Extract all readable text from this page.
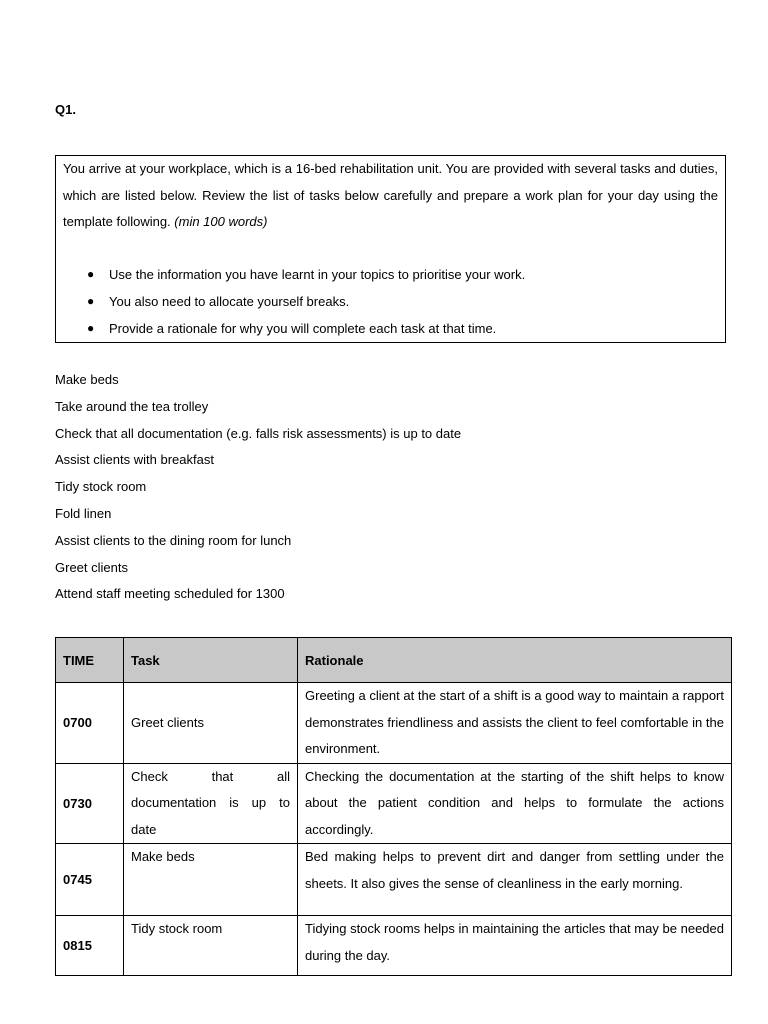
Q1.

You arrive at your workplace, which is a 16-bed rehabilitation unit. You are provided with several tasks and duties, which are listed below. Review the list of tasks below carefully and prepare a work plan for your day using the template following. (min 100 words)

● Use the information you have learnt in your topics to prioritise your work.
● You also need to allocate yourself breaks.
● Provide a rationale for why you will complete each task at that time.
Make beds
Take around the tea trolley
Check that all documentation (e.g. falls risk assessments) is up to date
Assist clients with breakfast
Tidy stock room
Fold linen
Assist clients to the dining room for lunch
Greet clients
Attend staff meeting scheduled for 1300
TIME	Task	Rationale
0700	Greet clients	Greeting a client at the start of a shift is a good way to maintain a rapport demonstrates friendliness and assists the client to feel comfortable in the environment.
0730	Check that all documentation is up to date	Checking the documentation at the starting of the shift helps to know about the patient condition and helps to formulate the actions accordingly.
0745	Make beds	Bed making helps to prevent dirt and danger from settling under the sheets. It also gives the sense of cleanliness in the early morning.
0815	Tidy stock room	Tidying stock rooms helps in maintaining the articles that may be needed during the day.
